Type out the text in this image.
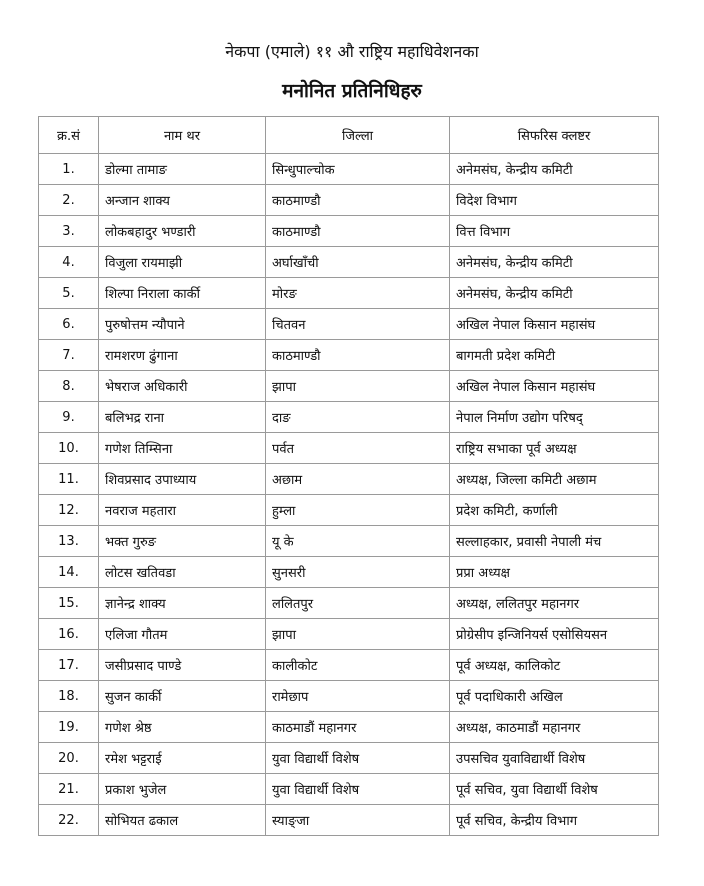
नेकपा (एमाले) ११ औ राष्ट्रिय महाधिवेशनका
मनोनित प्रतिनिधिहरु
क्र.सं	नाम थर	जिल्ला	सिफरिस क्लष्टर
1.	डोल्मा तामाङ	सिन्धुपाल्चोक	अनेमसंघ, केन्द्रीय कमिटी
2.	अन्जान शाक्य	काठमाण्डौ	विदेश विभाग
3.	लोकबहादुर भण्डारी	काठमाण्डौ	वित्त विभाग
4.	विजुला रायमाझी	अर्घाखाँची	अनेमसंघ, केन्द्रीय कमिटी
5.	शिल्पा निराला कार्की	मोरङ	अनेमसंघ, केन्द्रीय कमिटी
6.	पुरुषोत्तम न्यौपाने	चितवन	अखिल नेपाल किसान महासंघ
7.	रामशरण ढुंगाना	काठमाण्डौ	बागमती प्रदेश कमिटी
8.	भेषराज अधिकारी	झापा	अखिल नेपाल किसान महासंघ
9.	बलिभद्र राना	दाङ	नेपाल निर्माण उद्योग परिषद्
10.	गणेश तिम्सिना	पर्वत	राष्ट्रिय सभाका पूर्व अध्यक्ष
11.	शिवप्रसाद उपाध्याय	अछाम	अध्यक्ष, जिल्ला कमिटी अछाम
12.	नवराज महतारा	हुम्ला	प्रदेश कमिटी, कर्णाली
13.	भक्त गुरुङ	यू के	सल्लाहकार, प्रवासी नेपाली मंच
14.	लोटस खतिवडा	सुनसरी	प्रप्रा अध्यक्ष
15.	ज्ञानेन्द्र शाक्य	ललितपुर	अध्यक्ष, ललितपुर महानगर
16.	एलिजा गौतम	झापा	प्रोग्रेसीप इन्जिनियर्स एसोसियसन
17.	जसीप्रसाद पाण्डे	कालीकोट	पूर्व अध्यक्ष, कालिकोट
18.	सुजन कार्की	रामेछाप	पूर्व पदाधिकारी अखिल
19.	गणेश श्रेष्ठ	काठमाडौं महानगर	अध्यक्ष, काठमाडौं महानगर
20.	रमेश भट्टराई	युवा विद्यार्थी विशेष	उपसचिव युवाविद्यार्थी विशेष
21.	प्रकाश भुजेल	युवा विद्यार्थी विशेष	पूर्व सचिव, युवा विद्यार्थी विशेष
22.	सोभियत ढकाल	स्याङ्जा	पूर्व सचिव, केन्द्रीय विभाग
